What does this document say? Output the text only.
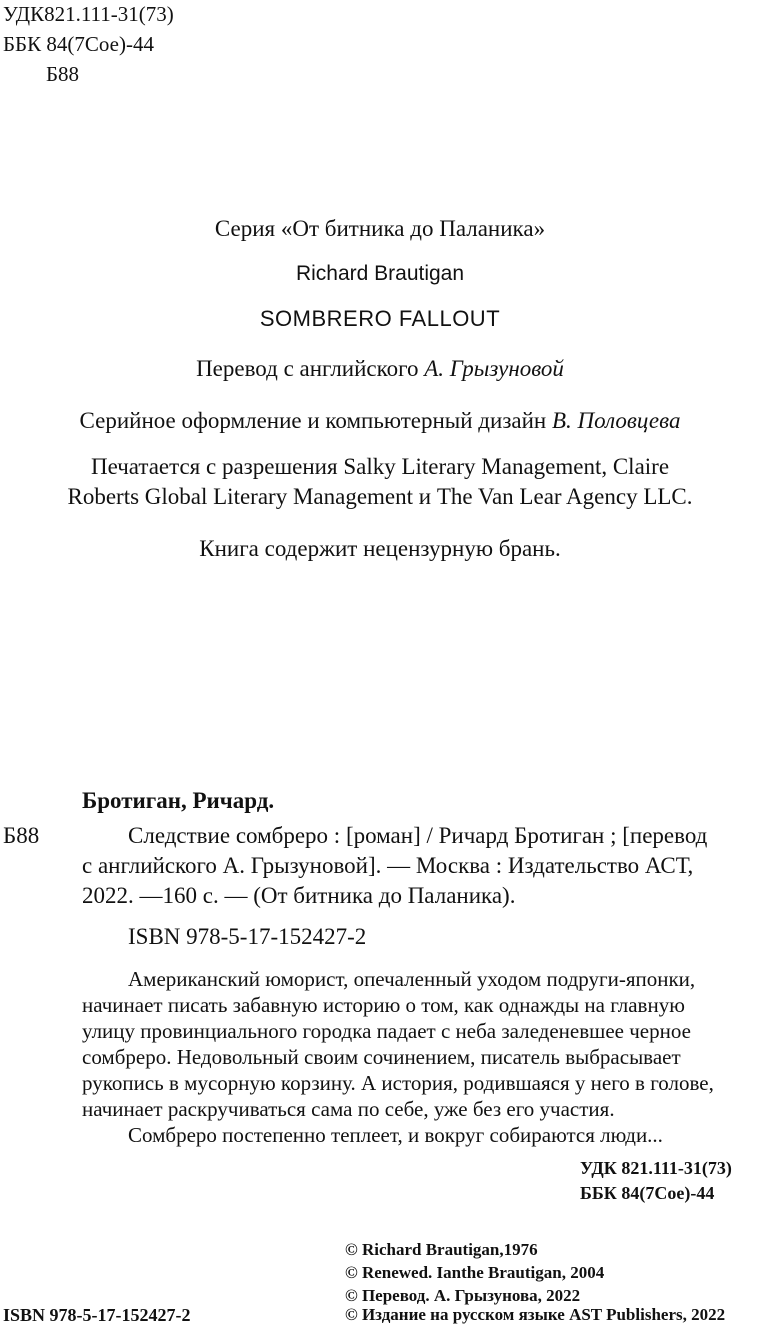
УДК821.111-31(73)
ББК 84(7Сое)-44
Б88
Серия «От битника до Паланика»
Richard Brautigan
SOMBRERO FALLOUT
Перевод с английского А. Грызуновой
Серийное оформление и компьютерный дизайн В. Половцева
Печатается с разрешения Salky Literary Management, Claire
Roberts Global Literary Management и The Van Lear Agency LLC.
Книга содержит нецензурную брань.
Бротиган, Ричард.
Б88	Следствие сомбреро : [роман] / Ричард Бротиган ; [перевод
с английского А. Грызуновой]. — Москва : Издательство АСТ,
2022. —160 с. — (От битника до Паланика).
ISBN 978-5-17-152427-2
Американский юморист, опечаленный уходом подруги-японки,
начинает писать забавную историю о том, как однажды на главную
улицу провинциального городка падает с неба заледеневшее черное
сомбреро. Недовольный своим сочинением, писатель выбрасывает
рукопись в мусорную корзину. А история, родившаяся у него в голове,
начинает раскручиваться сама по себе, уже без его участия.
Сомбреро постепенно теплеет, и вокруг собираются люди...
УДК 821.111-31(73)
ББК 84(7Сое)-44
© Richard Brautigan,1976
© Renewed. Ianthe Brautigan, 2004
© Перевод. А. Грызунова, 2022
© Издание на русском языке AST Publishers, 2022
ISBN 978-5-17-152427-2
